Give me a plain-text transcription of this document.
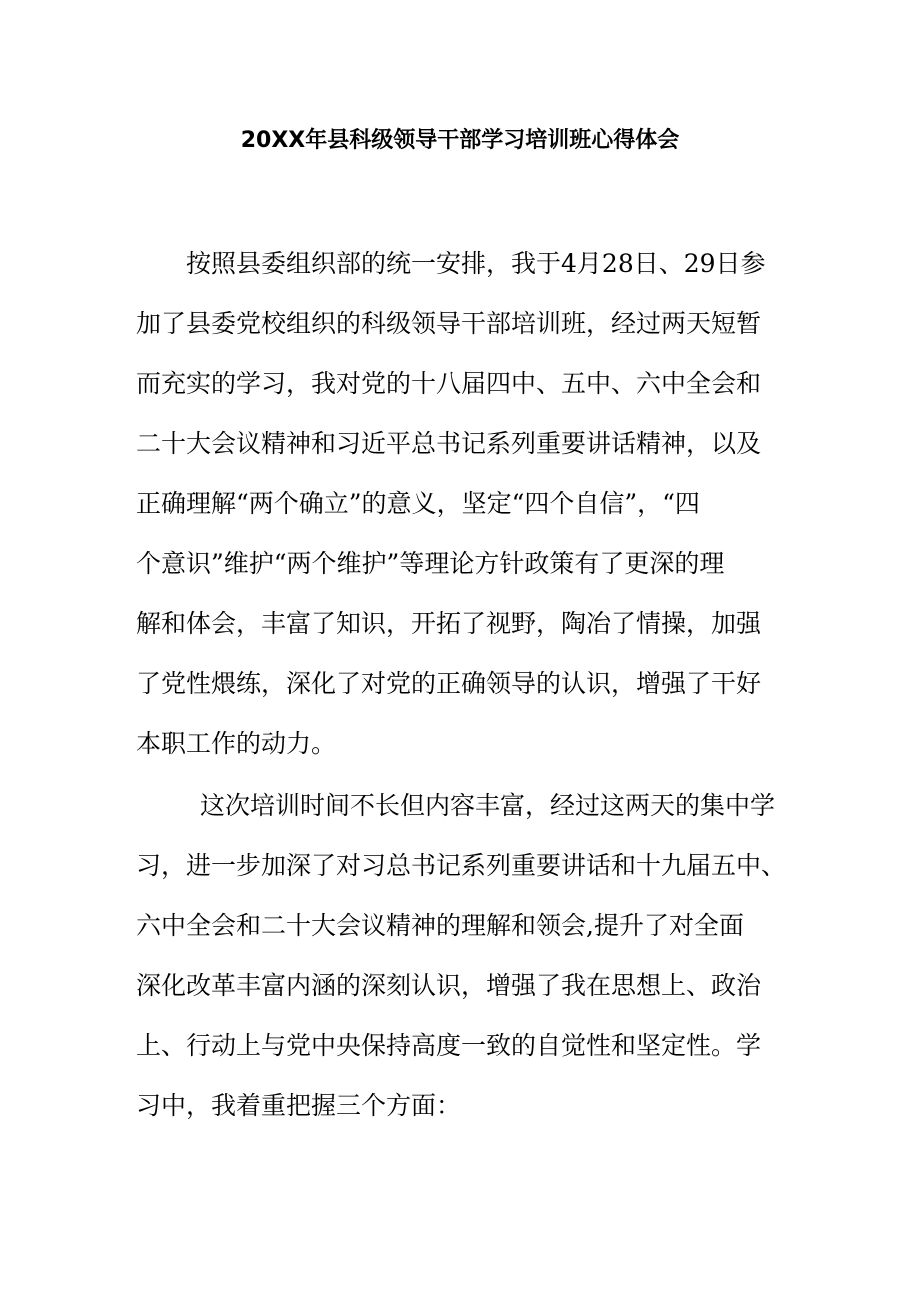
20XX年县科级领导干部学习培训班心得体会
按照县委组织部的统一安排，我于4月28日、29日参
加了县委党校组织的科级领导干部培训班，经过两天短暂
而充实的学习，我对党的十八届四中、五中、六中全会和
二十大会议精神和习近平总书记系列重要讲话精神，以及
正确理解“两个确立”的意义，坚定“四个自信”，“四
个意识”维护“两个维护”等理论方针政策有了更深的理
解和体会，丰富了知识，开拓了视野，陶冶了情操，加强
了党性煨练，深化了对党的正确领导的认识，增强了干好
本职工作的动力。
这次培训时间不长但内容丰富，经过这两天的集中学
习，进一步加深了对习总书记系列重要讲话和十九届五中、
六中全会和二十大会议精神的理解和领会,提升了对全面
深化改革丰富内涵的深刻认识，增强了我在思想上、政治
上、行动上与党中央保持高度一致的自觉性和坚定性。学
习中，我着重把握三个方面：
